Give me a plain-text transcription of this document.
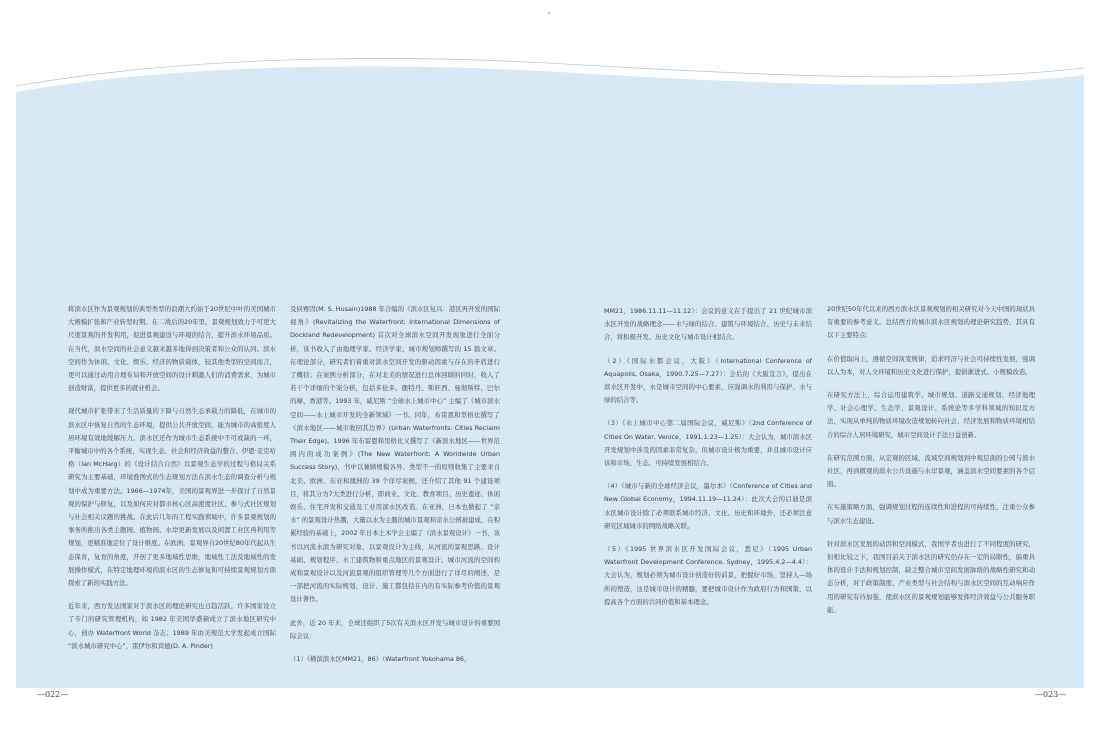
将滨水区作为景观规划的典型类型的浪潮大约始于20世纪中叶的美国城市大规模扩张和产业转型时期。在二战后的20年里，景观规划致力于可更大尺度景观的开发利用，促进景观建设与环境的结合，提升滨水环境品质。在当代，滨水空间的社会意义越来越多地得到决策者和公众的认同。滨水空间作为休闲、文化、娱乐、经济的物质载体，较其他类型的空间而言，更可以通过动用合理布局和开放空间的设计刺激人们的消费需求，为城市创造财富，提供更多的就业机会。

现代城市扩张带来了生活质量的下降与自然生态承载力的降低，在城市的滨水区中恢复自然的生态环境，提供公共开放空间，能为城市的高密度人居环境有效地缓解压力。滨水区还作为城市生态系统中不可或缺的一环，平衡城市中的各个系统，实现生态、社会和经济效益的整合。伊恩·麦克哈格（Ian McHarg）的《设计结合自然》以景观生态学的过程与格局关系研究为主要基础，环境叠图式的生态规划方法在滨水生态的调查分析与规划中成为重要方法。1966—1974年，美国的景观界进一步探讨了自然景观的保护与修复，以及如何应对都市核心区高密度社区、参与式社区规划与社会相关议题的挑战。在此后几年的工程实践领域中，许多景观规划的事务所推出各类主题园、植物园、水岸更新发展以及闲置工业区再利用等规划，更精准地定位了设计维度。在欧洲，景观界自20世纪80年代起从生态保育，复育的角度，开创了更多地域性思维，地域性工法及地域性的发展操作模式，在特定地理环境的滨水区的生态修复和可持续景观规划方面探索了新的实践方法。

近年来，西方发达国家对于滨水区的理论研究也日趋活跃。许多国家设立了专门的研究管理机构，如 1982 年美国华盛顿成立了滨水地区研究中心，创办 Waterfront World 杂志；1989 年由美规范大学发起成立国际 “滨水城市研究中心”，雷伊尔和宾德(D. A. Pinder)

及侯赛因(M. S. Husain)1988 年合编的《滨水区复兴：港区再开发的国际视角》(Revitalizing the Waterfront: International Dimensions of Dockland Redevelopment) 首次对全球滨水空间开发现象进行全面分析，该书收入了由地理学家、经济学家、城市规划师撰写的 15 篇文章。在理论部分，研究者们着重对滨水空间开发的驱动因素与存在的矛盾进行了概括；在案例分析部分，在对北美的情况进行总体回顾的同时，收入了若干个详细的个案分析，包括多伦多、鹿特丹、斯旺西、曼彻斯特、巴尔的摩、香港等。1993 年，威尼斯 “全球水上城市中心” 主编了《城市滨水空间——水上城市开发的全新领域》一书。同年，布雷恩和里格比撰写了《滨水地区——城市收回其边界》(Urban Waterfronts: Cities Reclaim Their Edge)。1996 年布雷恩和里格比又撰写了《新滨水地区——世界范围内的成功案例》(The New Waterfront: A Worldwide Urban Success Story)，书中以兼顾规模各异、类型不一的原则收集了主要来自北美、欧洲、东亚和澳洲的 39 个详尽案例，还介绍了其他 91 个建设项目，将其分为7大类进行分析，即商业、文化、教育项目、历史遗迹、休闲娱乐、住宅开发和交通及工业用滨水区改造。在亚洲，日本也掀起了 “亲水” 的景观设计热潮，大量以水为主题的城市景观和亲水公园被建成，在积累经验的基础上，2002 年日本土木学会主编了《滨水景观设计》一书，该书以河流水滨为研究对象，以景观设计为主线，从河流的景观思路、设计基础、规划程序、水工建筑物和重点地区的景观设计、城市河流的空间构成和景观设计以及河流景观的组织管理等几个方面进行了详尽的阐述，是一部把河流的实际规划、设计、施工都包括在内的有实际参考价值的景观设计著作。

此外，近 20 年来，全球还组织了5次有关滨水区开发与城市设计的重要国际会议：

（1）《横滨滨水区MM21，86》（Waterfront Yokohama 86，

MM21，1986.11.11—11.12）：会议的意义在于提出了 21 世纪城市滨水区开发的战略理念——水与绿的结合、建筑与环境结合、历史与未来结合，将积极开发、历史文化与城市设计相结合。

（2）《国际水都会议，大阪》（International Conference of Aquapolis, Osaka，1990.7.25—7.27）：会后的《大阪宣言》，提出在滨水区开发中，水是城市空间的中心要素，应强调水的利用与保护、水与绿的结合等。

（3）《水上城市中心第二届国际会议，威尼斯》（2nd Conference of Cities On Water, Venice，1991.1.23—1.25）：大会认为，城市滨水区开发规划中涉及的因素非常复杂，但城市设计极为重要，并且城市设计应该和市场、生态、可持续发展相结合。

（4）《城市与新的全球经济会议，墨尔本》（Conference of Cities and New Global Economy，1994.11.19—11.24）：此次大会的启迪是滨水区城市设计除了必须联系城市经济、文化、历史和环境外，还必须注意研究区域城市的网络战略关联。

（5）《1995 世界滨水区开发国际会议，悉尼》（1995 Urban Waterfront Development Conference, Sydney，1995.4.2—4.4）：大会认为，规划必须为城市设计创造好的前景，把握好市场，坚持人—场所的塑造，这是城市设计的精髓，要把城市设计作为政府行为和国策，以提高各个方面的共同价值和基本理念。

20世纪50年代以来的西方滨水区景观规划的相关研究对今天中国的现状具有重要的参考意义。总结西方的城市滨水区规划的理论研究趋势，其具有以下主要特点：

在价值取向上，遵循空间演变规律，追求经济与社会可持续性发展，强调以人为本，对人文环境和历史文化进行保护，提倡渐进式、小规模改造。

在研究方法上，综合运用建筑学、城市规划、道路交通规划、经济地理学、社会心理学、生态学、景观设计、系统论等多学科领域的知识及方法，实现从单纯的物质环境改造规划转向社会、经济发展和物质环境相结合的综合人居环境研究，城市空间设计手法日益创新。

在研究范围方面，从宏观的区域、流域空间规划到中观层面的公园与滨水社区，再到微观的滨水公共设施与水岸景观，涵盖滨水空间要素的各个层面。

在实施策略方面，强调规划过程的连续性和进程的可持续性，注重公众参与滨水生态建设。

针对滨水区发展的动因和空间模式，我国学者也进行了不同程度的研究，但相比较之下，我国目前关于滨水区的研究仍存在一定的局限性，偏重具体的设计手法和规划控制，缺乏整合城市空间发展脉络的战略性研究和动态分析，对于政策制度、产业类型与社会结构与滨水区空间的互动响应作用的研究有待加强，使滨水区的景观规划能够发挥经济效益与公共服务职能。

—022—	—023—
